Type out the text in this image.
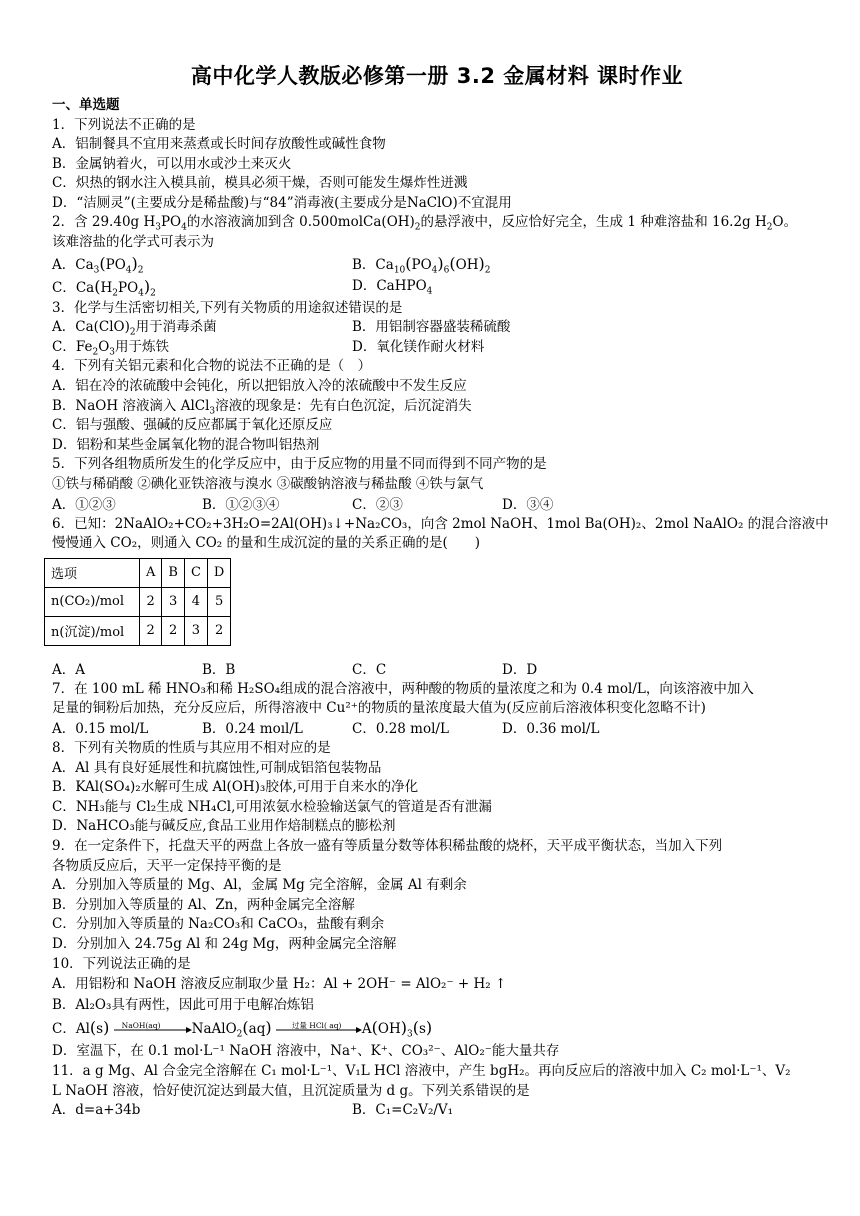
高中化学人教版必修第一册 3.2 金属材料 课时作业
一、单选题
1．下列说法不正确的是
A．铝制餐具不宜用来蒸煮或长时间存放酸性或碱性食物
B．金属钠着火，可以用水或沙土来灭火
C．炽热的钢水注入模具前，模具必须干燥，否则可能发生爆炸性迸溅
D．“洁厕灵”(主要成分是稀盐酸)与“84”消毒液(主要成分是NaClO)不宜混用
2．含 29.40g $H_3PO_4$的水溶液滴加到含 $0.500molCa(OH)_2$的悬浮液中，反应恰好完全，生成 1 种难溶盐和 16.2g $H_2O$。
该难溶盐的化学式可表示为
A．$Ca_3(PO_4)_2$	B．$Ca_{10}(PO_4)_6(OH)_2$
C．$Ca(H_2PO_4)_2$	D．CaHPO$_4$
3．化学与生活密切相关,下列有关物质的用途叙述错误的是
A．$Ca(ClO)_2$用于消毒杀菌	B．用铝制容器盛装稀硫酸
C．$Fe_2O_3$用于炼铁	D．氧化镁作耐火材料
4．下列有关铝元素和化合物的说法不正确的是（　）
A．铝在冷的浓硫酸中会钝化，所以把铝放入冷的浓硫酸中不发生反应
B．NaOH 溶液滴入 AlCl$_3$溶液的现象是：先有白色沉淀，后沉淀消失
C．铝与强酸、强碱的反应都属于氧化还原反应
D．铝粉和某些金属氧化物的混合物叫铝热剂
5．下列各组物质所发生的化学反应中，由于反应物的用量不同而得到不同产物的是
①铁与稀硝酸 ②碘化亚铁溶液与溴水 ③碳酸钠溶液与稀盐酸 ④铁与氯气
A．①②③	B．①②③④	C．②③	D．③④
6．已知：2NaAlO₂+CO₂+3H₂O=2Al(OH)₃↓+Na₂CO₃，向含 2mol NaOH、1mol Ba(OH)₂、2mol NaAlO₂ 的混合溶液中
慢慢通入 CO₂，则通入 CO₂ 的量和生成沉淀的量的关系正确的是(　　)
选项	A	B	C	D
n(CO₂)/mol	2	3	4	5
n(沉淀)/mol	2	2	3	2
A．A	B．B	C．C	D．D
7．在 100 mL 稀 HNO₃和稀 H₂SO₄组成的混合溶液中，两种酸的物质的量浓度之和为 0.4 mol/L，向该溶液中加入
足量的铜粉后加热，充分反应后，所得溶液中 Cu²⁺的物质的量浓度最大值为(反应前后溶液体积变化忽略不计)
A．0.15 mol/L	B．0.24 moıl/L	C．0.28 mol/L	D．0.36 mol/L
8．下列有关物质的性质与其应用不相对应的是
A．Al 具有良好延展性和抗腐蚀性,可制成铝箔包装物品
B．KAl(SO₄)₂水解可生成 Al(OH)₃胶体,可用于自来水的净化
C．NH₃能与 Cl₂生成 NH₄Cl,可用浓氨水检验输送氯气的管道是否有泄漏
D．NaHCO₃能与碱反应,食品工业用作焙制糕点的膨松剂
9．在一定条件下，托盘天平的两盘上各放一盛有等质量分数等体积稀盐酸的烧杯，天平成平衡状态，当加入下列
各物质反应后，天平一定保持平衡的是
A．分别加入等质量的 Mg、Al，金属 Mg 完全溶解，金属 Al 有剩余
B．分别加入等质量的 Al、Zn，两种金属完全溶解
C．分别加入等质量的 Na₂CO₃和 CaCO₃，盐酸有剩余
D．分别加入 24.75g Al 和 24g Mg，两种金属完全溶解
10．下列说法正确的是
A．用铝粉和 NaOH 溶液反应制取少量 H₂：Al + 2OH⁻ = AlO₂⁻ + H₂ ↑
B．Al₂O₃具有两性，因此可用于电解冶炼铝
C．Al(s) NaOH(aq) NaAlO$_2$(aq)	过量 HCl( aq) $A(OH)_3(s)$
D．室温下，在 0.1 mol·L⁻¹ NaOH 溶液中，Na⁺、K⁺、CO₃²⁻、AlO₂⁻能大量共存
11．a g Mg、Al 合金完全溶解在 C₁ mol·L⁻¹、V₁L HCl 溶液中，产生 bgH₂。再向反应后的溶液中加入 C₂ mol·L⁻¹、V₂
L NaOH 溶液，恰好使沉淀达到最大值，且沉淀质量为 d g。下列关系错误的是
A．d=a+34b	B．C₁=C₂V₂/V₁
